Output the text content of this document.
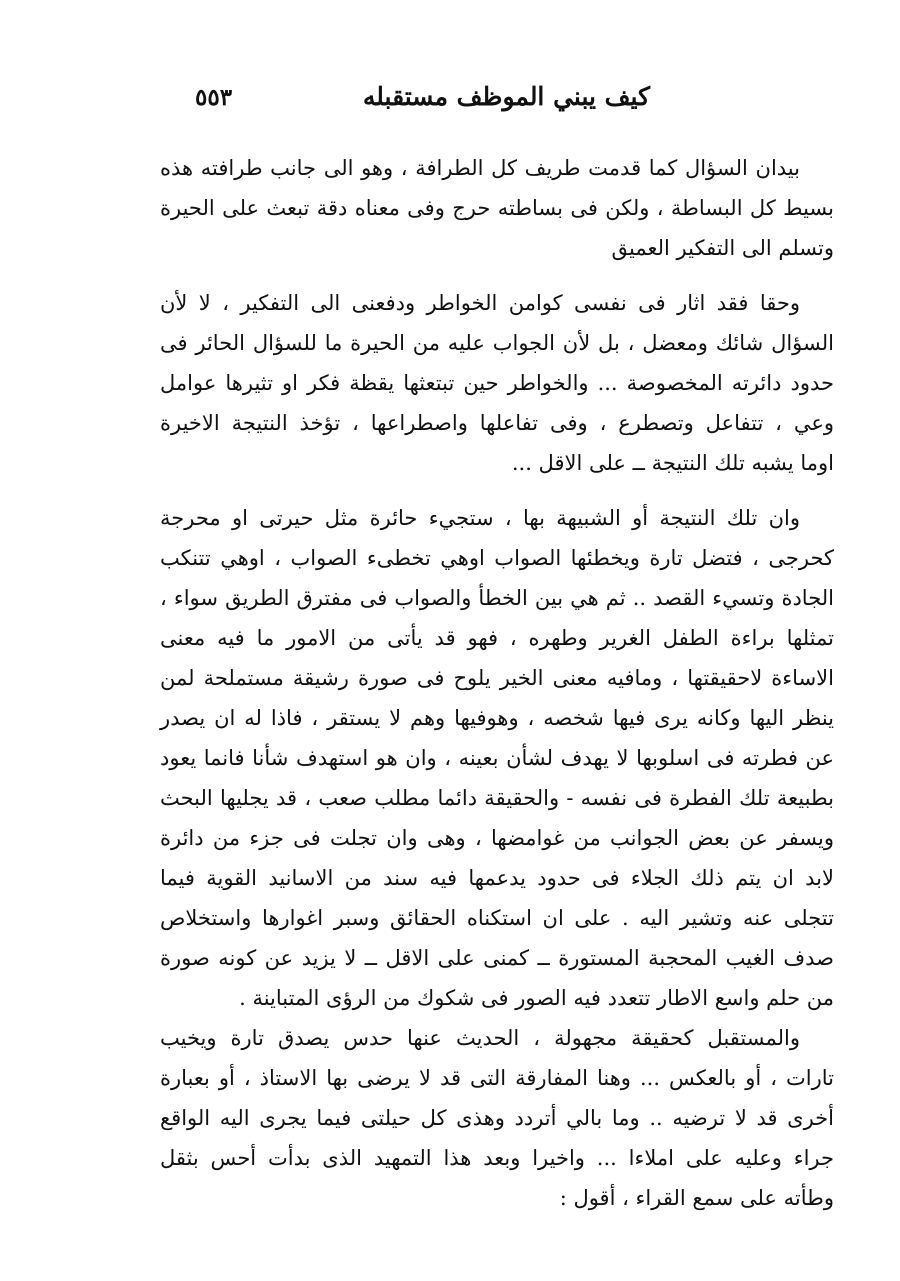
كيف يبني الموظف مستقبله
٥٥٣
بيدان السؤال كما قدمت طريف كل الطرافة ، وهو الى جانب طرافته هذه
بسيط كل البساطة ، ولكن فى بساطته حرج وفى معناه دقة تبعث على الحيرة
وتسلم الى التفكير العميق
وحقا فقد اثار فى نفسى كوامن الخواطر ودفعنى الى التفكير ، لا لأن
السؤال شائك ومعضل ، بل لأن الجواب عليه من الحيرة ما للسؤال الحائر فى
حدود دائرته المخصوصة ... والخواطر حين تبتعثها يقظة فكر او تثيرها عوامل
وعي ، تتفاعل وتصطرع ، وفى تفاعلها واصطراعها ، تؤخذ النتيجة الاخيرة
اوما يشبه تلك النتيجة ــ على الاقل ...
وان تلك النتيجة أو الشبيهة بها ، ستجيء حائرة مثل حيرتى او محرجة
كحرجى ، فتضل تارة ويخطئها الصواب اوهي تخطىء الصواب ، اوهي تتنكب
الجادة وتسيء القصد .. ثم هي بين الخطأ والصواب فى مفترق الطريق سواء ،
تمثلها براءة الطفل الغرير وطهره ، فهو قد يأتى من الامور ما فيه معنى
الاساءة لاحقيقتها ، ومافيه معنى الخير يلوح فى صورة رشيقة مستملحة لمن
ينظر اليها وكانه يرى فيها شخصه ، وهوفيها وهم لا يستقر ، فاذا له ان يصدر
عن فطرته فى اسلوبها لا يهدف لشأن بعينه ، وان هو استهدف شأنا فانما يعود
بطبيعة تلك الفطرة فى نفسه - والحقيقة دائما مطلب صعب ، قد يجليها البحث
ويسفر عن بعض الجوانب من غوامضها ، وهى وان تجلت فى جزء من دائرة
لابد ان يتم ذلك الجلاء فى حدود يدعمها فيه سند من الاسانيد القوية فيما
تتجلى عنه وتشير اليه . على ان استكناه الحقائق وسبر اغوارها واستخلاص
صدف الغيب المحجبة المستورة ــ كمنى على الاقل ــ لا يزيد عن كونه صورة
من حلم واسع الاطار تتعدد فيه الصور فى شكوك من الرؤى المتباينة .
والمستقبل كحقيقة مجهولة ، الحديث عنها حدس يصدق تارة ويخيب
تارات ، أو بالعكس ... وهنا المفارقة التى قد لا يرضى بها الاستاذ ، أو بعبارة
أخرى قد لا ترضيه .. وما بالي أتردد وهذى كل حيلتى فيما يجرى اليه الواقع
جراء وعليه على املاءا ... واخيرا وبعد هذا التمهيد الذى بدأت أحس بثقل
وطأته على سمع القراء ، أقول :
